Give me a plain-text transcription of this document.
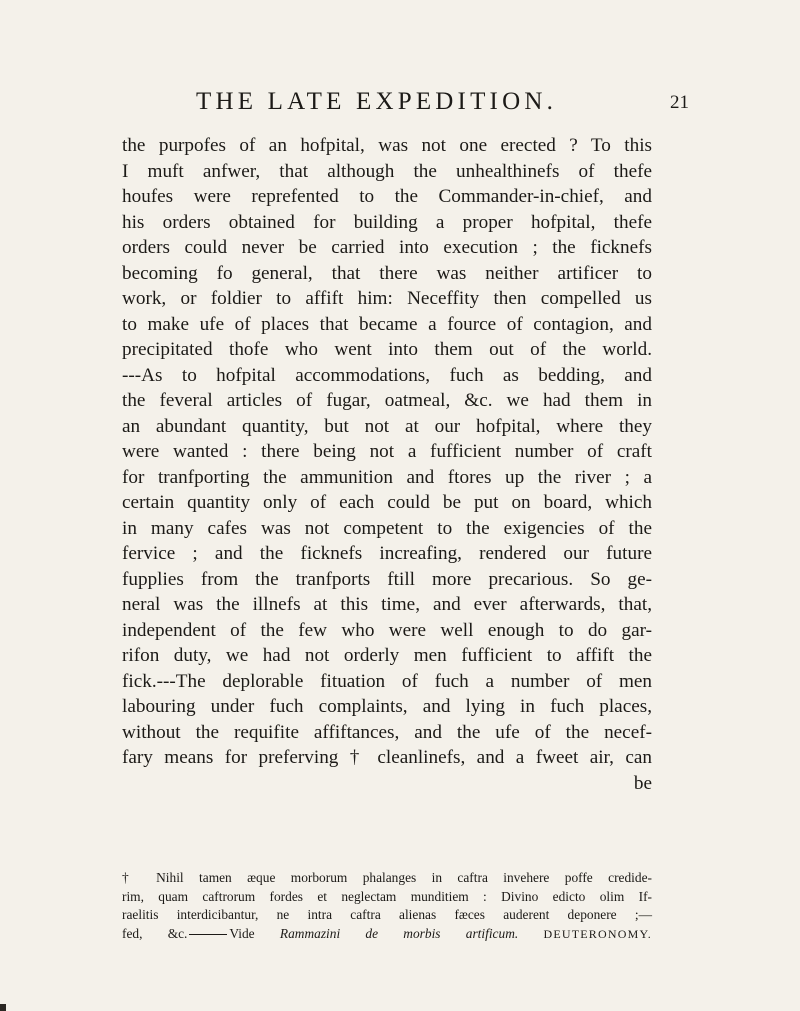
THE LATE EXPEDITION.	21
the purpofes of an hofpital, was not one erected ? To this
I muft anfwer, that although the unhealthinefs of thefe
houfes were reprefented to the Commander-in-chief, and
his orders obtained for building a proper hofpital, thefe
orders could never be carried into execution ; the ficknefs
becoming fo general, that there was neither artificer to
work, or foldier to affift him: Neceffity then compelled us
to make ufe of places that became a fource of contagion, and
precipitated thofe who went into them out of the world.
---As to hofpital accommodations, fuch as bedding, and
the feveral articles of fugar, oatmeal, &c. we had them in
an abundant quantity, but not at our hofpital, where they
were wanted : there being not a fufficient number of craft
for tranfporting the ammunition and ftores up the river ; a
certain quantity only of each could be put on board, which
in many cafes was not competent to the exigencies of the
fervice ; and the ficknefs increafing, rendered our future
fupplies from the tranfports ftill more precarious. So ge-
neral was the illnefs at this time, and ever afterwards, that,
independent of the few who were well enough to do gar-
rifon duty, we had not orderly men fufficient to affift the
fick.---The deplorable fituation of fuch a number of men
labouring under fuch complaints, and lying in fuch places,
without the requifite affiftances, and the ufe of the necef-
fary means for preferving † cleanlinefs, and a fweet air, can
be
† Nihil tamen æque morborum phalanges in caftra invehere poffe credide-
rim, quam caftrorum fordes et neglectam munditiem : Divino edicto olim If-
raelitis interdicibantur, ne intra caftra alienas fæces auderent deponere ;—
fed, &c.	Vide Rammazini de morbis artificum. DEUTERONOMY.
